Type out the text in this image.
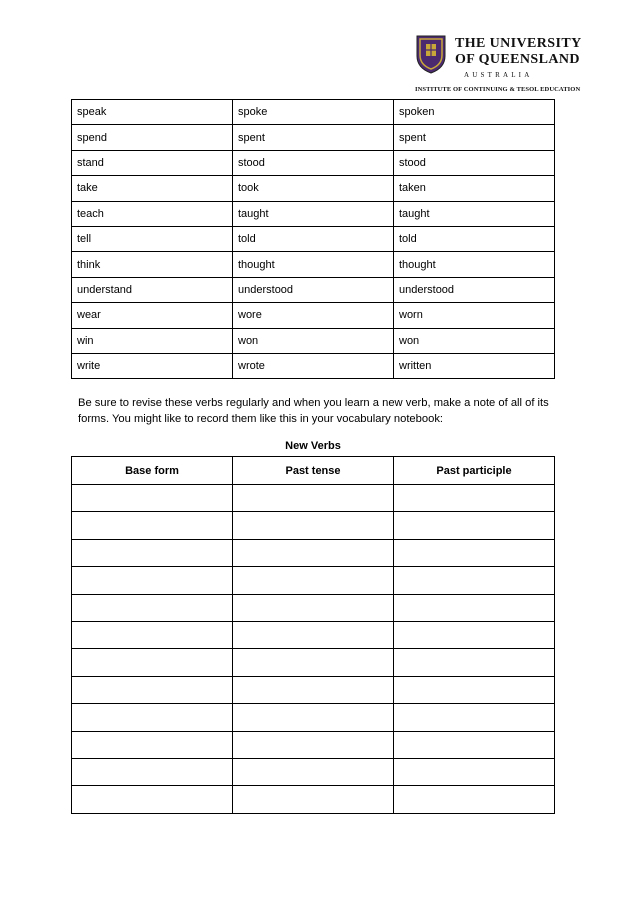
THE UNIVERSITY
OF QUEENSLAND
AUSTRALIA
INSTITUTE OF CONTINUING & TESOL EDUCATION
speak	spoke	spoken
spend	spent	spent
stand	stood	stood
take	took	taken
teach	taught	taught
tell	told	told
think	thought	thought
understand	understood	understood
wear	wore	worn
win	won	won
write	wrote	written
Be sure to revise these verbs regularly and when you learn a new verb, make a note of all of its forms. You might like to record them like this in your vocabulary notebook:
New Verbs
Base form	Past tense	Past participle
